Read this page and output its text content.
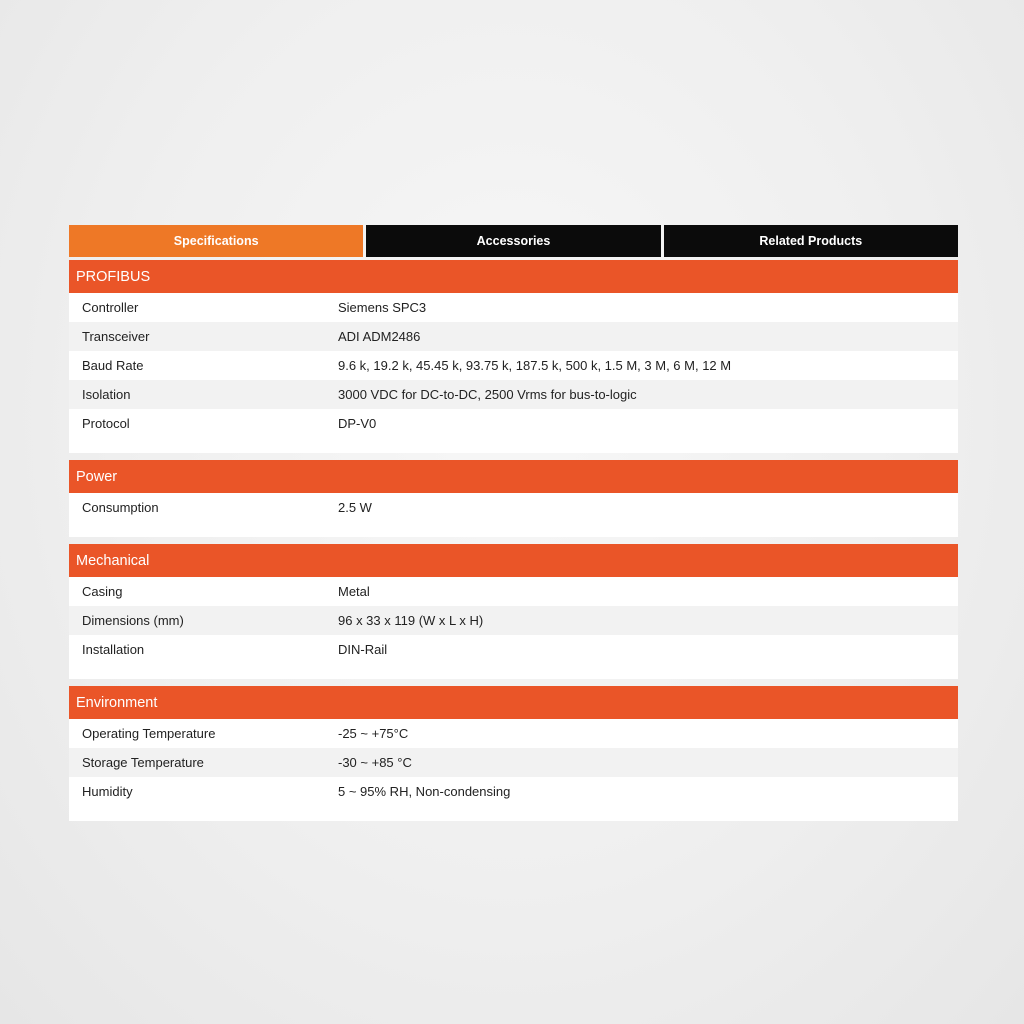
Specifications	Accessories	Related Products
PROFIBUS
Controller	Siemens SPC3
Transceiver	ADI ADM2486
Baud Rate	9.6 k, 19.2 k, 45.45 k, 93.75 k, 187.5 k, 500 k, 1.5 M, 3 M, 6 M, 12 M
Isolation	3000 VDC for DC-to-DC, 2500 Vrms for bus-to-logic
Protocol	DP-V0
Power
Consumption	2.5 W
Mechanical
Casing	Metal
Dimensions (mm)	96 x 33 x 119 (W x L x H)
Installation	DIN-Rail
Environment
Operating Temperature	-25 ~ +75°C
Storage Temperature	-30 ~ +85 °C
Humidity	5 ~ 95% RH, Non-condensing
